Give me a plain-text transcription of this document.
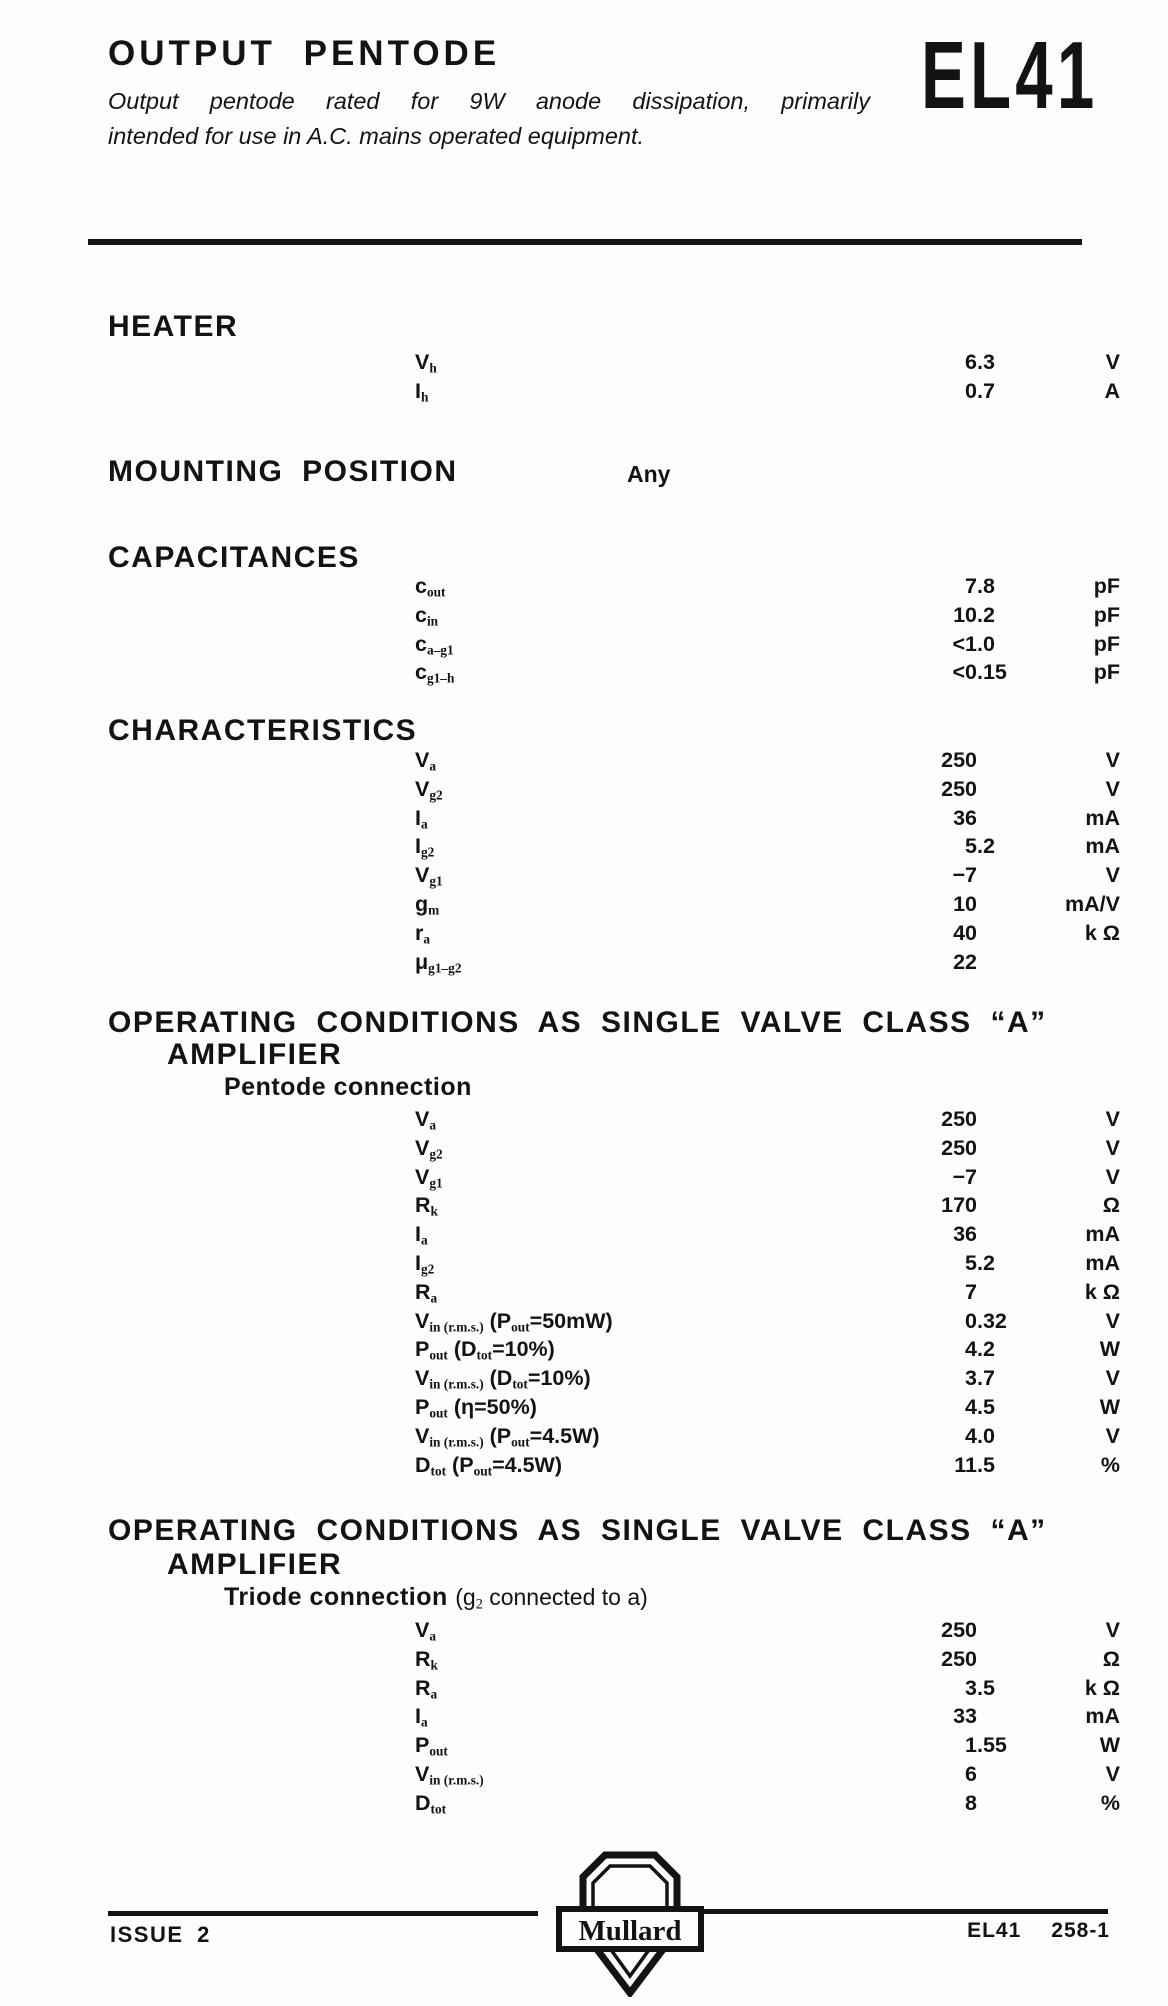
OUTPUT PENTODE	EL41
Output pentode rated for 9W anode dissipation, primarily
intended for use in A.C. mains operated equipment.
HEATER
$V_h$	6 .3	V
$I_h$	0 .7	A
MOUNTING POSITION	Any
CAPACITANCES
$c_{out}$	7 .8	pF
$c_{in}$	10 .2	pF
$c_{a-g1}$	<1 .0	pF
$c_{g1-h}$	<0 .15	pF
CHARACTERISTICS
$V_a$	250	V
$V_{g2}$	250	V
$I_a$	36	mA
$I_{g2}$	5 .2	mA
$V_{g1}$	−7	V
$g_m$	10	mA/V
$r_a$	40	k Ω
$\mu_{g1-g2}$	22
OPERATING CONDITIONS AS SINGLE VALVE CLASS “A”
AMPLIFIER
Pentode connection
$V_a$	250	V
$V_{g2}$	250	V
$V_{g1}$	−7	V
$R_k$	170	Ω
$I_a$	36	mA
$I_{g2}$	5 .2	mA
$R_a$	7	k Ω
$V_{in (r.m.s.)}$ $(P_{out}=50mW)$	0 .32	V
$P_{out}$ $(D_{tot}=10\%)$	4 .2	W
$V_{in (r.m.s.)}$ $(D_{tot}=10\%)$	3 .7	V
$P_{out}$ (η=50%)	4 .5	W
$V_{in (r.m.s.)}$ $(P_{out}=4.5W)$	4 .0	V
$D_{tot}$ $(P_{out}=4.5W)$	11 .5	%
OPERATING CONDITIONS AS SINGLE VALVE CLASS “A”
AMPLIFIER
Triode connection ($g_2$ connected to a)
$V_a$	250	V
$R_k$	250	Ω
$R_a$	3 .5	k Ω
$I_a$	33	mA
$P_{out}$	1 .55	W
$V_{in (r.m.s.)}$	6	V
$D_{tot}$	8	%
ISSUE 2	EL41 258-1
Mullard
